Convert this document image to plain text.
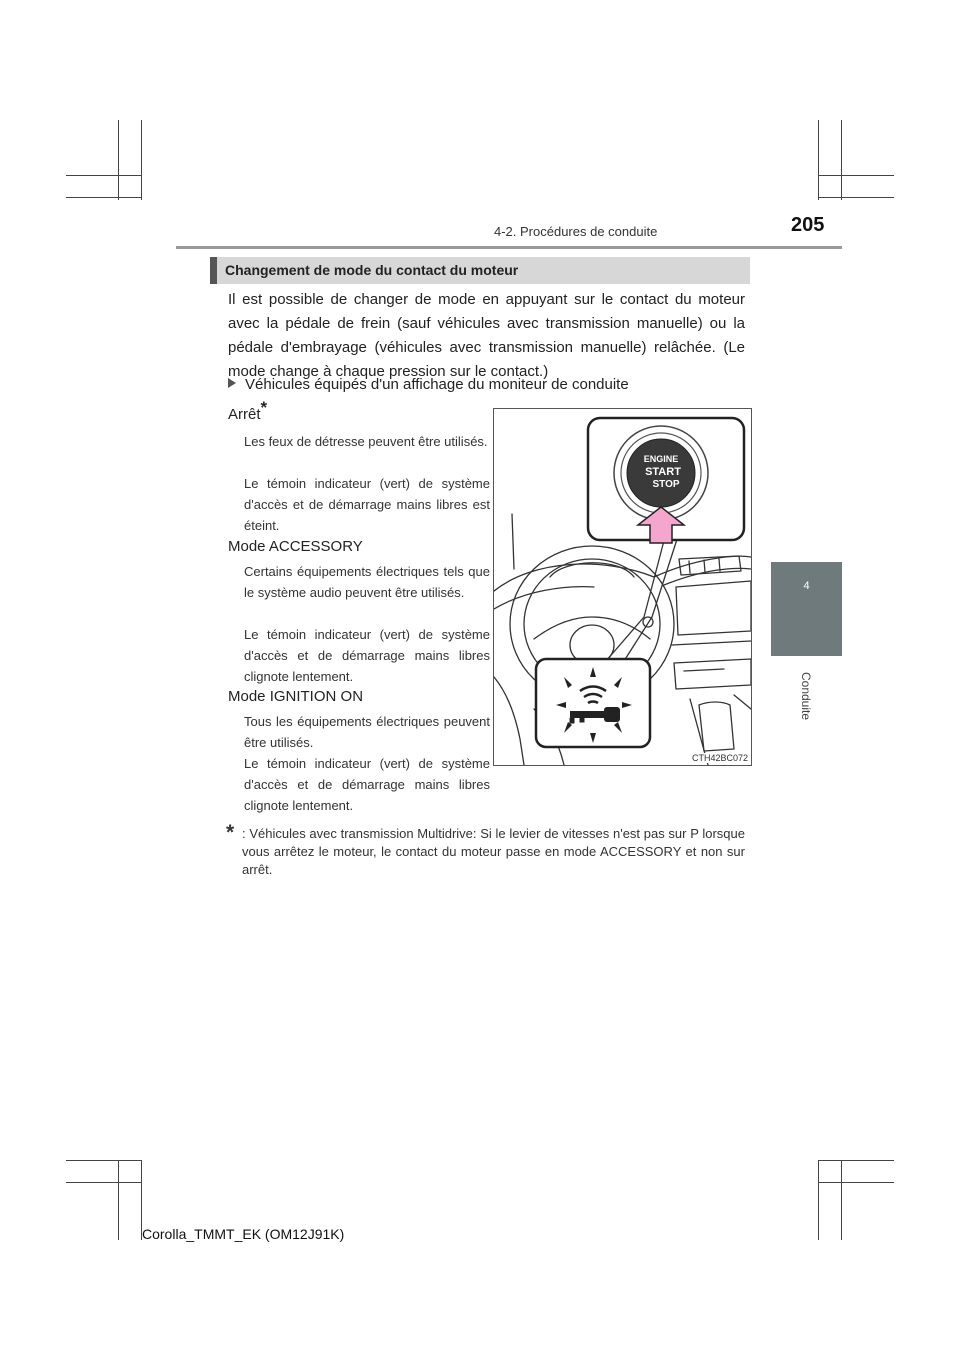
4-2. Procédures de conduite	205
4
Conduite
Changement de mode du contact du moteur
Il est possible de changer de mode en appuyant sur le contact du moteur avec la pédale de frein (sauf véhicules avec transmission manuelle) ou la pédale d'embrayage (véhicules avec transmission manuelle) relâchée. (Le mode change à chaque pression sur le contact.)
Véhicules équipés d'un affichage du moniteur de conduite
Arrêt*
Les feux de détresse peuvent être utilisés.
Le témoin indicateur (vert) de système d'accès et de démarrage mains libres est éteint.
Mode ACCESSORY
Certains équipements électriques tels que le système audio peuvent être utilisés.
Le témoin indicateur (vert) de système d'accès et de démarrage mains libres clignote lentement.
Mode IGNITION ON
Tous les équipements électriques peuvent être utilisés.
Le témoin indicateur (vert) de système d'accès et de démarrage mains libres clignote lentement.
* : Véhicules avec transmission Multidrive: Si le levier de vitesses n'est pas sur P lorsque vous arrêtez le moteur, le contact du moteur passe en mode ACCESSORY et non sur arrêt.
ENGINE
START
STOP
CTH42BC072
Corolla_TMMT_EK (OM12J91K)
